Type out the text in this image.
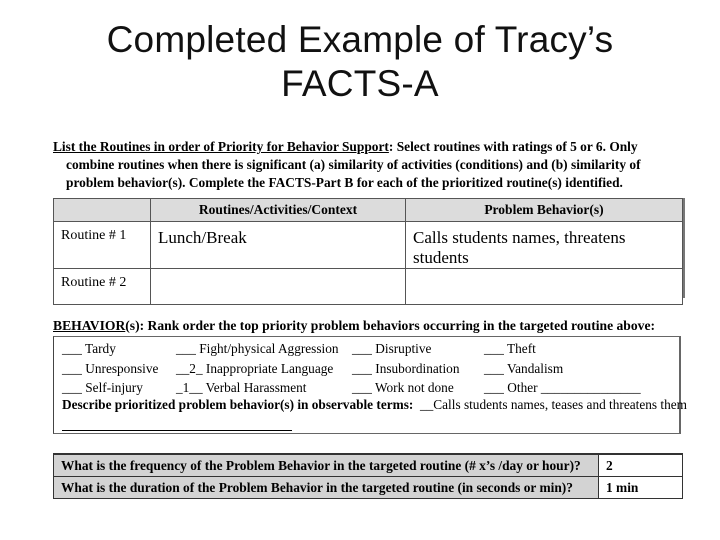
Completed Example of Tracy’s
FACTS-A
List the Routines in order of Priority for Behavior Support: Select routines with ratings of 5 or 6. Only
combine routines when there is significant (a) similarity of activities (conditions) and (b) similarity of
problem behavior(s). Complete the FACTS-Part B for each of the prioritized routine(s) identified.
	Routines/Activities/Context	Problem Behavior(s)
Routine # 1	Lunch/Break	Calls students names, threatens students
Routine # 2		
BEHAVIOR(s): Rank order the top priority problem behaviors occurring in the targeted routine above:
___ Tardy	___ Fight/physical Aggression ___ Disruptive	___ Theft
___ Unresponsive __2_ Inappropriate Language ___ Insubordination ___ Vandalism
___ Self-injury _1__ Verbal Harassment	___ Work not done ___ Other _______________
Describe prioritized problem behavior(s) in observable terms: __Calls students names, teases and threatens them
What is the frequency of the Problem Behavior in the targeted routine (# x’s /day or hour)?	2
What is the duration of the Problem Behavior in the targeted routine (in seconds or min)?	1 min
